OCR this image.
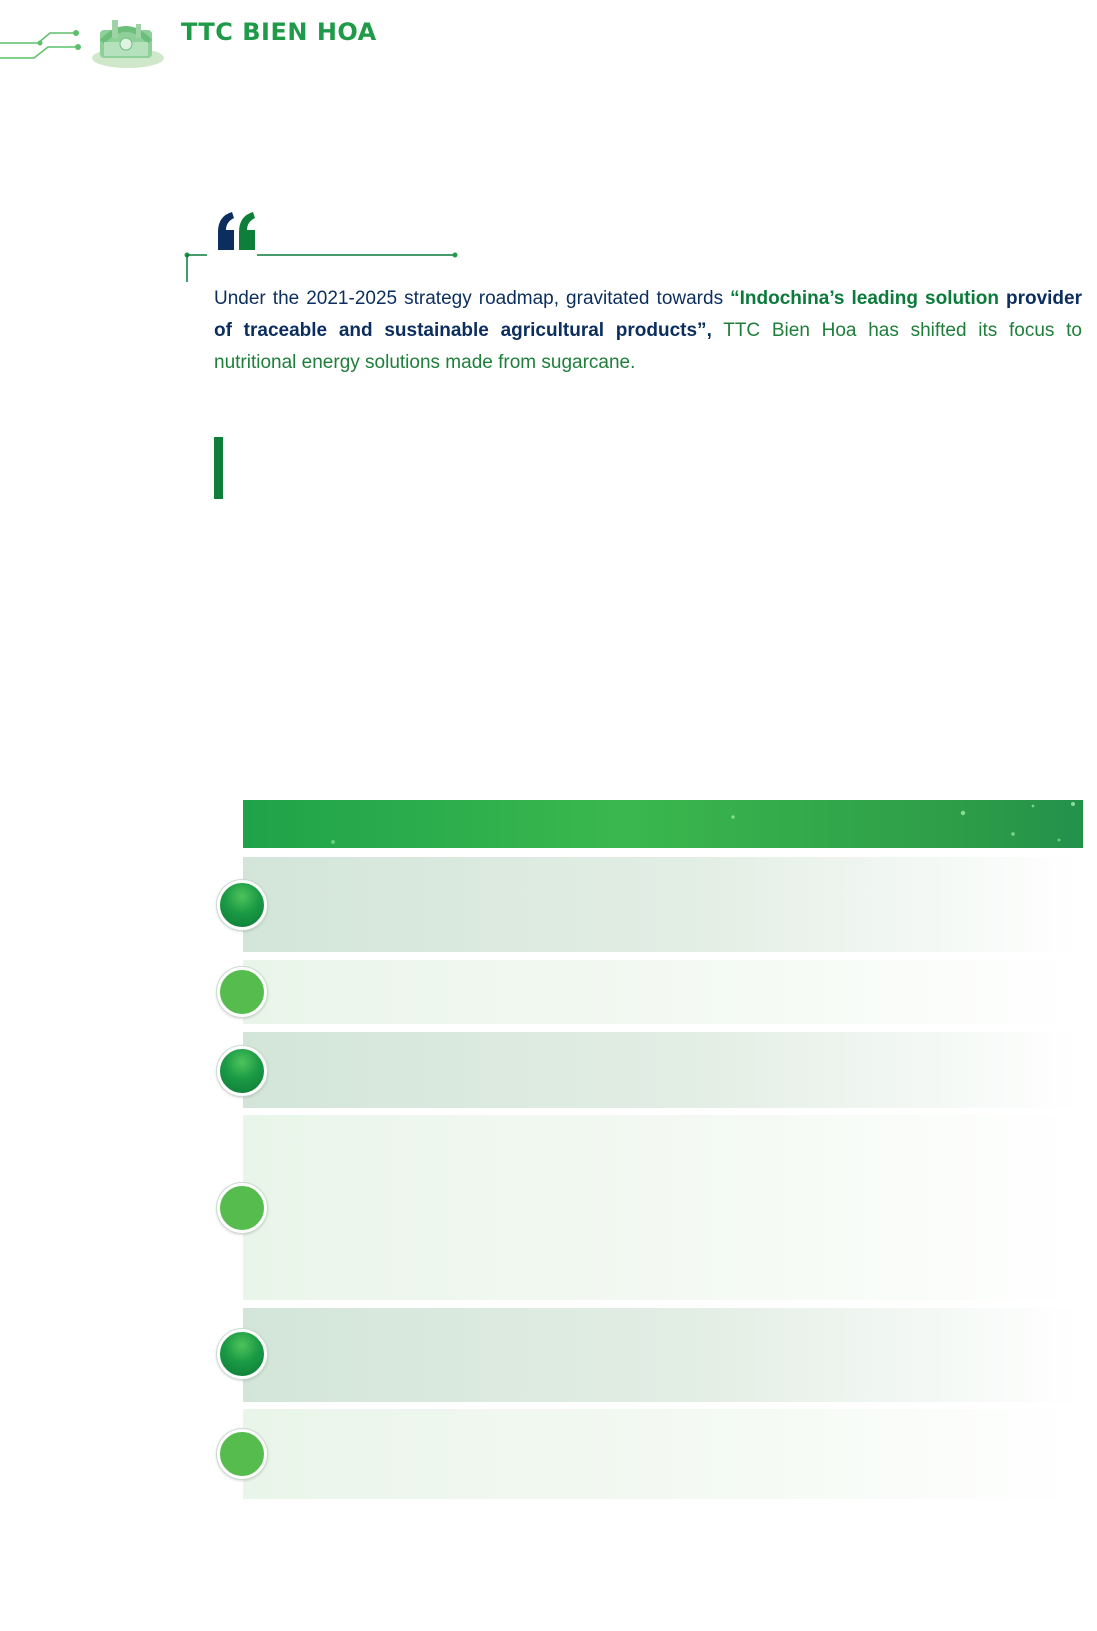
TTC BIEN HOA
Under the 2021-2025 strategy roadmap, gravitated towards “Indochina’s leading solution provider of traceable and sustainable agricultural products”, TTC Bien Hoa has shifted its focus to nutritional energy solutions made from sugarcane.
